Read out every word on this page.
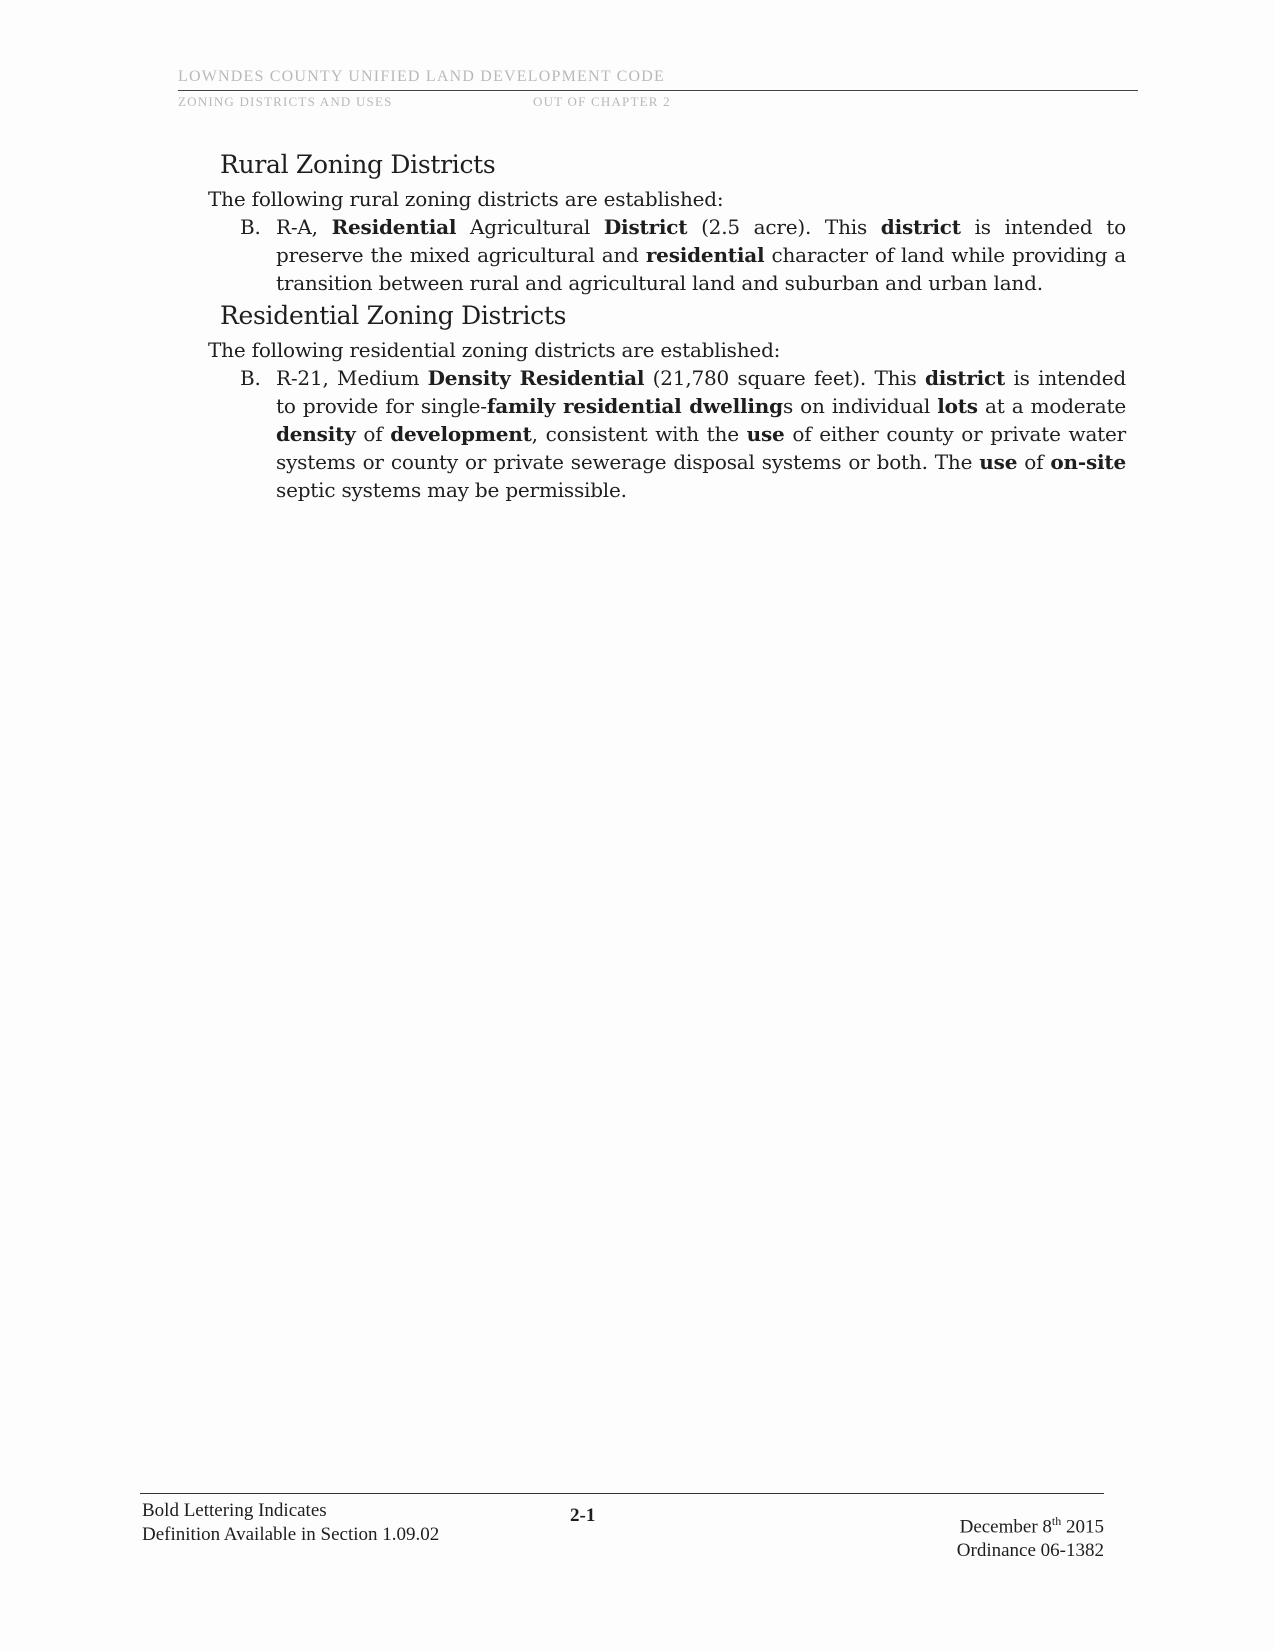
LOWNDES COUNTY UNIFIED LAND DEVELOPMENT CODE
ZONING DISTRICTS AND USES	OUT OF CHAPTER 2
Rural Zoning Districts
The following rural zoning districts are established:
B. R-A, Residential Agricultural District (2.5 acre). This district is intended to preserve the mixed agricultural and residential character of land while providing a transition between rural and agricultural land and suburban and urban land.
Residential Zoning Districts
The following residential zoning districts are established:
B. R-21, Medium Density Residential (21,780 square feet). This district is intended to provide for single-family residential dwellings on individual lots at a moderate density of development, consistent with the use of either county or private water systems or county or private sewerage disposal systems or both. The use of on-site septic systems may be permissible.
Bold Lettering Indicates
Definition Available in Section 1.09.02
2-1
December 8th 2015
Ordinance 06-1382
